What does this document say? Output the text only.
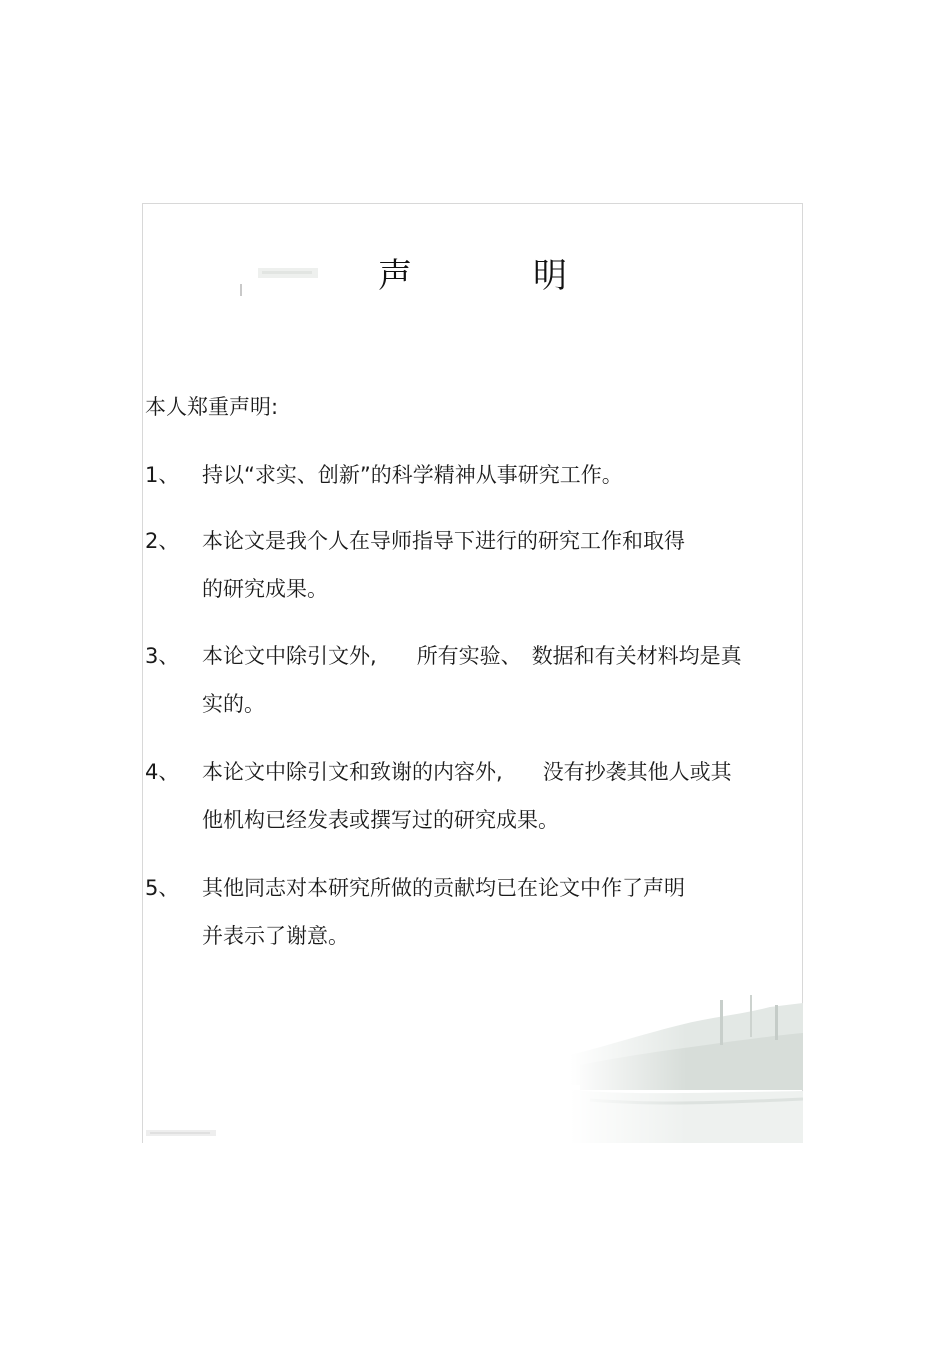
声	明
本人郑重声明:
1、	持以“求实、创新”的科学精神从事研究工作。
2、	本论文是我个人在导师指导下进行的研究工作和取得
的研究成果。
3、	本论文中除引文外, 所有实验、 数据和有关材料均是真
实的。
4、	本论文中除引文和致谢的内容外, 没有抄袭其他人或其
他机构已经发表或撰写过的研究成果。
5、	其他同志对本研究所做的贡献均已在论文中作了声明
并表示了谢意。
